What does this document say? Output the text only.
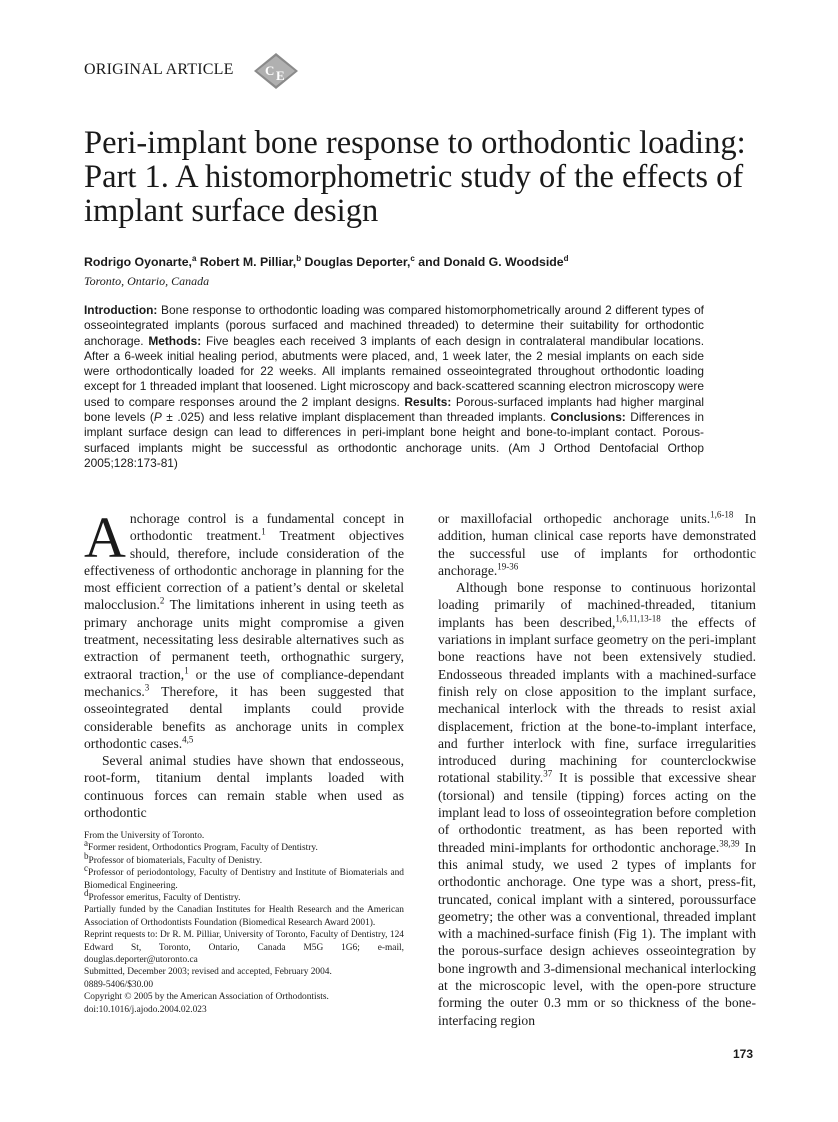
ORIGINAL ARTICLE C E
Peri-implant bone response to orthodontic loading: Part 1. A histomorphometric study of the effects of implant surface design
Rodrigo Oyonarte,$^a$ Robert M. Pilliar,$^b$ Douglas Deporter,$^c$ and Donald G. Woodside$^d$
Toronto, Ontario, Canada

Introduction: Bone response to orthodontic loading was compared histomorphometrically around 2 different types of osseointegrated implants (porous surfaced and machined threaded) to determine their suitability for orthodontic anchorage. Methods: Five beagles each received 3 implants of each design in contralateral mandibular locations. After a 6-week initial healing period, abutments were placed, and, 1 week later, the 2 mesial implants on each side were orthodontically loaded for 22 weeks. All implants remained osseointegrated throughout orthodontic loading except for 1 threaded implant that loosened. Light microscopy and back-scattered scanning electron microscopy were used to compare responses around the 2 implant designs. Results: Porous-surfaced implants had higher marginal bone levels (P ± .025) and less relative implant displacement than threaded implants. Conclusions: Differences in implant surface design can lead to differences in peri-implant bone height and bone-to-implant contact. Porous-surfaced implants might be successful as orthodontic anchorage units. (Am J Orthod Dentofacial Orthop 2005;128:173-81)

Anchorage control is a fundamental concept in orthodontic treatment.$^1$ Treatment objectives should, therefore, include consideration of the effectiveness of orthodontic anchorage in planning for the most efficient correction of a patient’s dental or skeletal malocclusion.$^2$ The limitations inherent in using teeth as primary anchorage units might compromise a given treatment, necessitating less desirable alternatives such as extraction of permanent teeth, orthognathic surgery, extraoral traction,$^1$ or the use of compliance-dependant mechanics.$^3$ Therefore, it has been suggested that osseointegrated dental implants could provide considerable benefits as anchorage units in complex orthodontic cases.$^{4,5}$

Several animal studies have shown that endosseous, root-form, titanium dental implants loaded with continuous forces can remain stable when used as orthodontic

or maxillofacial orthopedic anchorage units.$^{1,6-18}$ In addition, human clinical case reports have demonstrated the successful use of implants for orthodontic anchorage.$^{19-36}$

Although bone response to continuous horizontal loading primarily of machined-threaded, titanium implants has been described,$^{1,6,11,13-18}$ the effects of variations in implant surface geometry on the peri-implant bone reactions have not been extensively studied. Endosseous threaded implants with a machined-surface finish rely on close apposition to the implant surface, mechanical interlock with the threads to resist axial displacement, friction at the bone-to-implant interface, and further interlock with fine, surface irregularities introduced during machining for counterclockwise rotational stability.$^{37}$ It is possible that excessive shear (torsional) and tensile (tipping) forces acting on the implant lead to loss of osseointegration before completion of orthodontic treatment, as has been reported with threaded mini-implants for orthodontic anchorage.$^{38,39}$ In this animal study, we used 2 types of implants for orthodontic anchorage. One type was a short, press-fit, truncated, conical implant with a sintered, poroussurface geometry; the other was a conventional, threaded implant with a machined-surface finish (Fig 1). The implant with the porous-surface design achieves osseointegration by bone ingrowth and 3-dimensional mechanical interlocking at the microscopic level, with the open-pore structure forming the outer 0.3 mm or so thickness of the bone-interfacing region

From the University of Toronto.
$^a$Former resident, Orthodontics Program, Faculty of Dentistry.
$^b$Professor of biomaterials, Faculty of Denistry.
$^c$Professor of periodontology, Faculty of Dentistry and Institute of Biomaterials and Biomedical Engineering.
$^d$Professor emeritus, Faculty of Dentistry.
Partially funded by the Canadian Institutes for Health Research and the American Association of Orthodontists Foundation (Biomedical Research Award 2001).
Reprint requests to: Dr R. M. Pilliar, University of Toronto, Faculty of Dentistry, 124 Edward St, Toronto, Ontario, Canada M5G 1G6; e-mail, douglas.deporter@utoronto.ca
Submitted, December 2003; revised and accepted, February 2004.
0889-5406/$30.00
Copyright © 2005 by the American Association of Orthodontists.
doi:10.1016/j.ajodo.2004.02.023
173
